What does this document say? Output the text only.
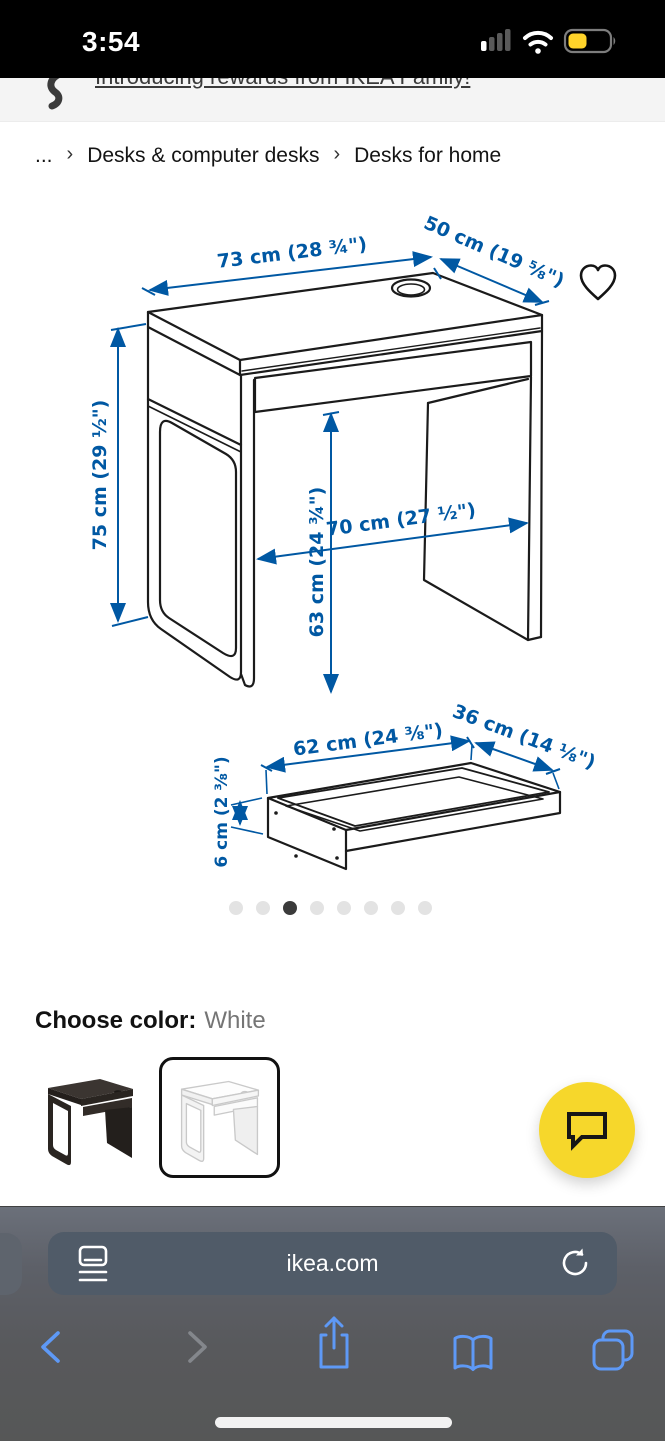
3:54
... › Desks & computer desks › Desks for home
73 cm (28 ¾")	50 cm (19 ⅝")
75 cm (29 ½")
63 cm (24 ¾")
70 cm (27 ½")
62 cm (24 ⅜") 36 cm (14 ⅛")
6 cm (2 ⅜")
Choose color: White
ikea.com
